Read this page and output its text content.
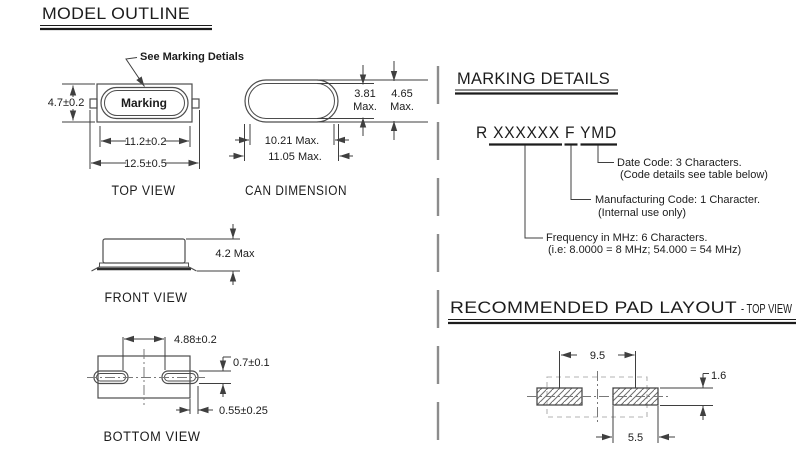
MODEL OUTLINE
See Marking Detials
Marking
4.7±0.2
11.2±0.2
12.5±0.5
TOP VIEW
3.81
Max.
4.65
Max.
10.21 Max.
11.05 Max.
CAN DIMENSION
4.2 Max
FRONT VIEW
4.88±0.2
0.7±0.1
0.55±0.25
BOTTOM VIEW
MARKING DETAILS
R XXXXXX F YMD
Date Code: 3 Characters.
(Code details see table below)
Manufacturing Code: 1 Character.
(Internal use only)
Frequency in MHz: 6 Characters.
(i.e: 8.0000 = 8 MHz; 54.000 = 54 MHz)
RECOMMENDED PAD LAYOUT - TOP VIEW
9.5
1.6
5.5
